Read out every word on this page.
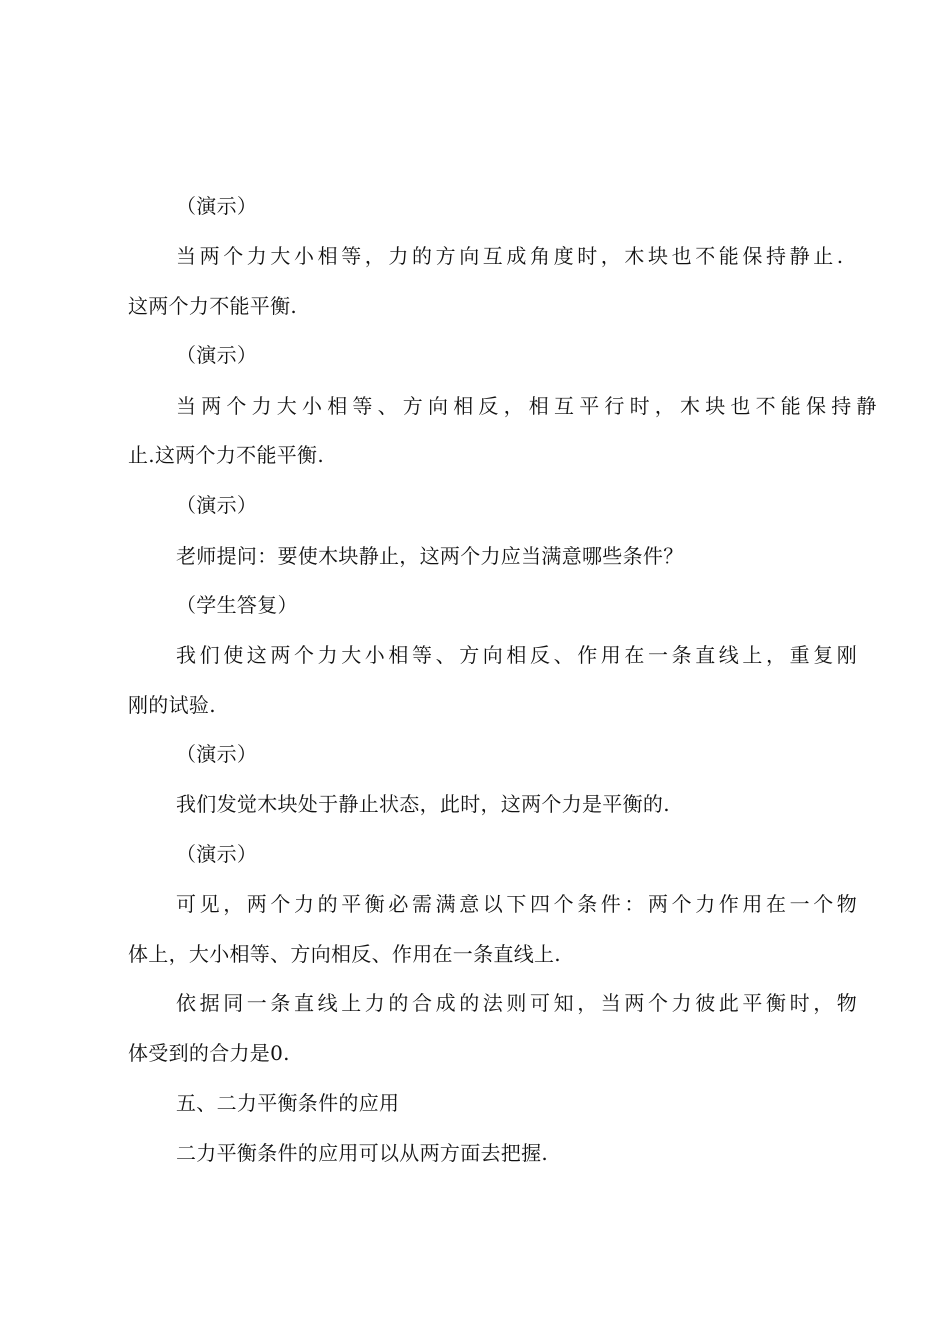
（演示）
当两个力大小相等，力的方向互成角度时，木块也不能保持静止.
这两个力不能平衡.
（演示）
当两个力大小相等、方向相反，相互平行时，木块也不能保持静
止.这两个力不能平衡.
（演示）
老师提问：要使木块静止，这两个力应当满意哪些条件？
（学生答复）
我们使这两个力大小相等、方向相反、作用在一条直线上，重复刚
刚的试验.
（演示）
我们发觉木块处于静止状态，此时，这两个力是平衡的.
（演示）
可见，两个力的平衡必需满意以下四个条件：两个力作用在一个物
体上，大小相等、方向相反、作用在一条直线上.
依据同一条直线上力的合成的法则可知，当两个力彼此平衡时，物
体受到的合力是0.
五、二力平衡条件的应用
二力平衡条件的应用可以从两方面去把握.
